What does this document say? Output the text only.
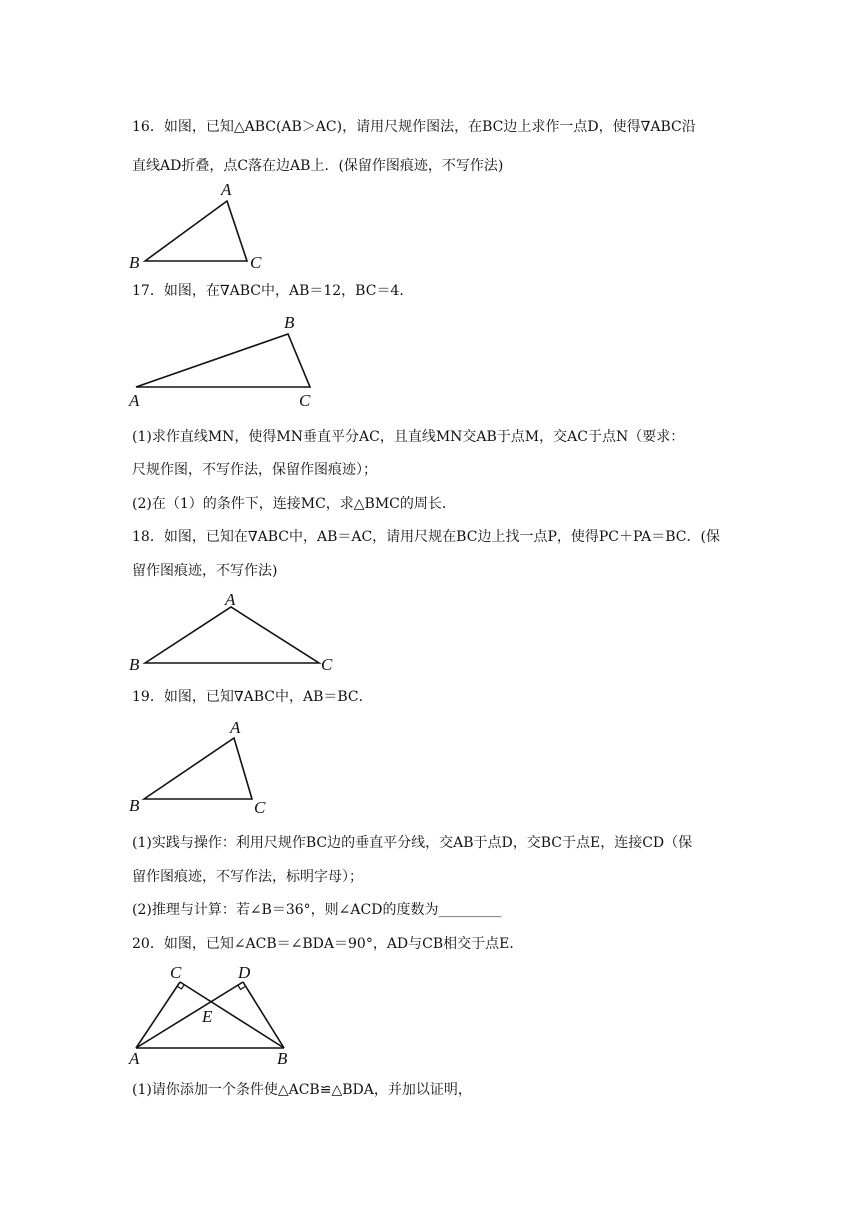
16．如图，已知△ABC(AB＞AC)，请用尺规作图法，在BC边上求作一点D，使得∇ABC沿
直线AD折叠，点C落在边AB上．(保留作图痕迹，不写作法)
A
B	C
17．如图，在∇ABC中，AB＝12，BC＝4．
B
A	C
(1)求作直线MN，使得MN垂直平分AC，且直线MN交AB于点M，交AC于点N（要求：
尺规作图，不写作法，保留作图痕迹）；
(2)在（1）的条件下，连接MC，求△BMC的周长．
18．如图，已知在∇ABC中，AB＝AC，请用尺规在BC边上找一点P，使得PC＋PA＝BC．(保
留作图痕迹，不写作法)
A
B	C
19．如图，已知∇ABC中，AB＝BC．
A
B	C
(1)实践与操作：利用尺规作BC边的垂直平分线，交AB于点D，交BC于点E，连接CD（保
留作图痕迹，不写作法，标明字母）；
(2)推理与计算：若∠B＝36°，则∠ACD的度数为_________
20．如图，已知∠ACB＝∠BDA＝90°，AD与CB相交于点E．
C	D
E
A	B
(1)请你添加一个条件使△ACB≌△BDA，并加以证明，
